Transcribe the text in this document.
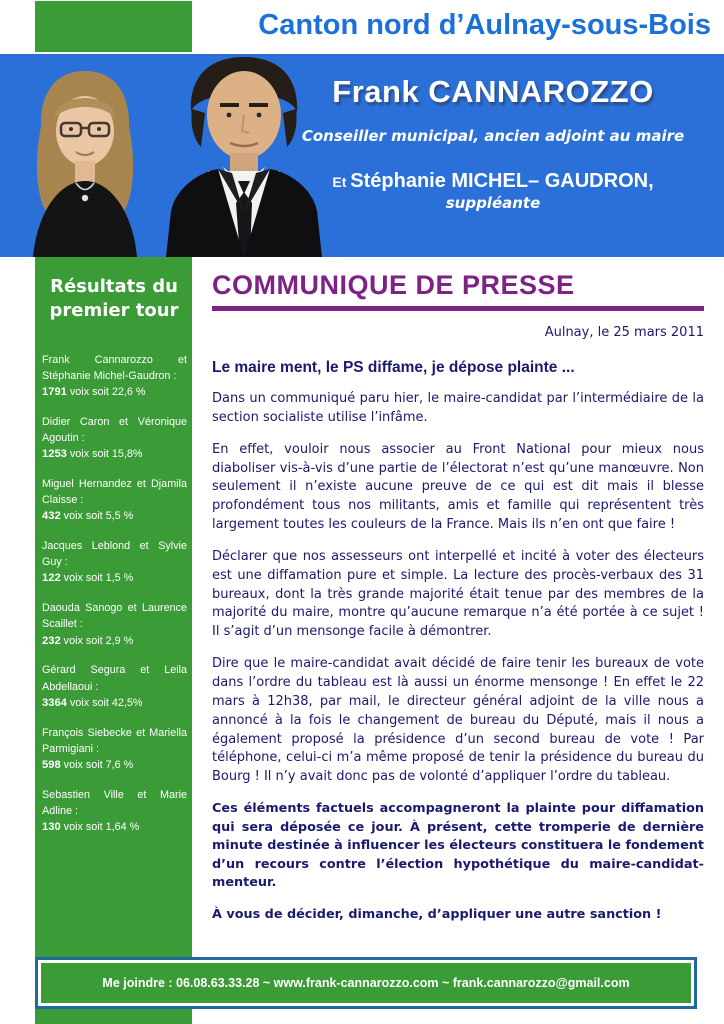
Canton nord d’Aulnay-sous-Bois
Frank CANNAROZZO
Conseiller municipal, ancien adjoint au maire
Et Stéphanie MICHEL– GAUDRON,
suppléante
Résultats du premier tour
Frank Cannarozzo et Stéphanie Michel-Gaudron :
1791 voix soit 22,6 %
Didier Caron et Véronique Agoutin :
1253 voix soit 15,8%
Miguel Hernandez et Djamila Claisse :
432 voix soit 5,5 %
Jacques Leblond et Sylvie Guy :
122 voix soit 1,5 %
Daouda Sanogo et Laurence Scaillet :
232 voix soit 2,9 %
Gérard Segura et Leila Abdellaoui :
3364 voix soit 42,5%
François Siebecke et Mariella Parmigiani :
598 voix soit 7,6 %
Sebastien Ville et Marie Adline :
130 voix soit 1,64 %
COMMUNIQUE DE PRESSE
Aulnay, le 25 mars 2011
Le maire ment, le PS diffame, je dépose plainte ...

Dans un communiqué paru hier, le maire-candidat par l’intermédiaire de la section socialiste utilise l’infâme.

En effet, vouloir nous associer au Front National pour mieux nous diaboliser vis-à-vis d’une partie de l’électorat n’est qu’une manœuvre. Non seulement il n’existe aucune preuve de ce qui est dit mais il blesse profondément tous nos militants, amis et famille qui représentent très largement toutes les couleurs de la France. Mais ils n’en ont que faire !

Déclarer que nos assesseurs ont interpellé et incité à voter des électeurs est une diffamation pure et simple. La lecture des procès-verbaux des 31 bureaux, dont la très grande majorité était tenue par des membres de la majorité du maire, montre qu’aucune remarque n’a été portée à ce sujet ! Il s’agit d’un mensonge facile à démontrer.

Dire que le maire-candidat avait décidé de faire tenir les bureaux de vote dans l’ordre du tableau est là aussi un énorme mensonge ! En effet le 22 mars à 12h38, par mail, le directeur général adjoint de la ville nous a annoncé à la fois le changement de bureau du Député, mais il nous a également proposé la présidence d’un second bureau de vote ! Par téléphone, celui-ci m’a même proposé de tenir la présidence du bureau du Bourg ! Il n’y avait donc pas de volonté d’appliquer l’ordre du tableau.

Ces éléments factuels accompagneront la plainte pour diffamation qui sera déposée ce jour. À présent, cette tromperie de dernière minute destinée à influencer les électeurs constituera le fondement d’un recours contre l’élection hypothétique du maire-candidat-menteur.

À vous de décider, dimanche, d’appliquer une autre sanction !

Me joindre : 06.08.63.33.28 ~ www.frank-cannarozzo.com ~ frank.cannarozzo@gmail.com
